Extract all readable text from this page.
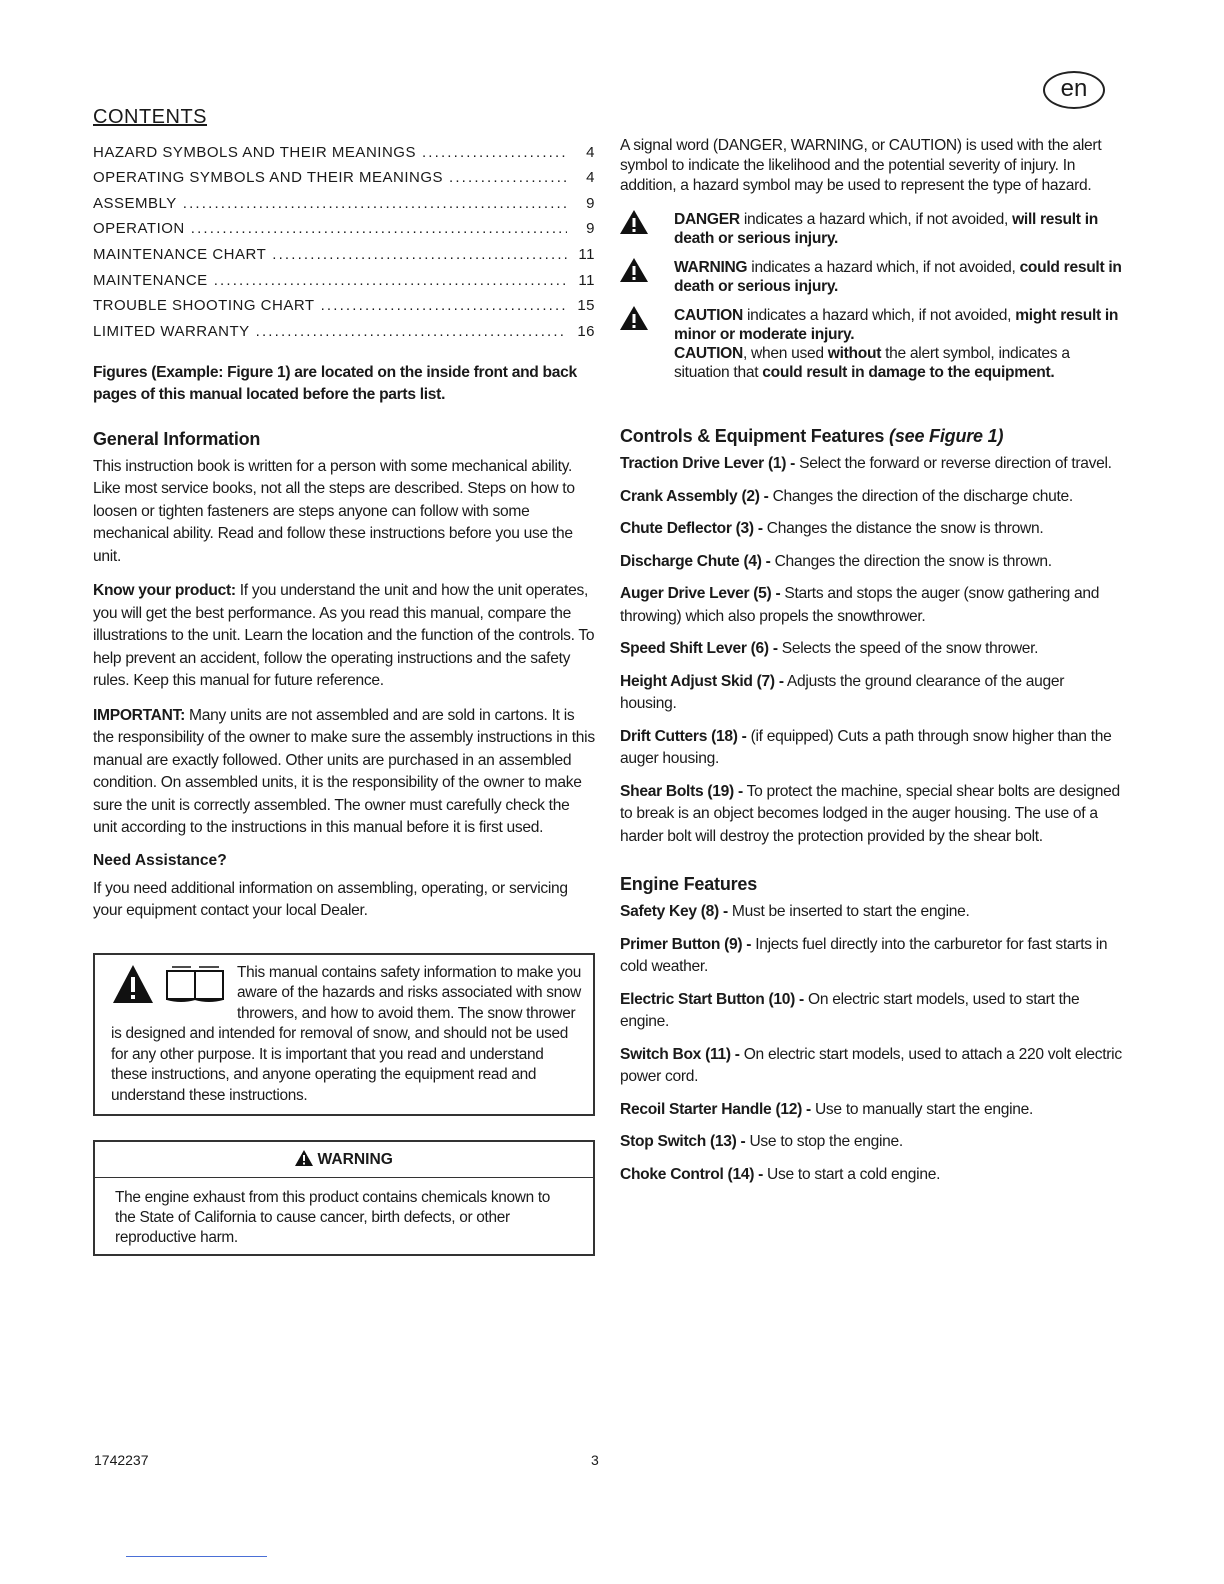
en
CONTENTS
HAZARD SYMBOLS AND THEIR MEANINGS . . .	4
OPERATING SYMBOLS AND THEIR MEANINGS . . .	4
ASSEMBLY . . .	9
OPERATION . . .	9
MAINTENANCE CHART . . .	11
MAINTENANCE . . .	11
TROUBLE SHOOTING CHART . . .	15
LIMITED WARRANTY . . .	16

Figures (Example: Figure 1) are located on the inside front and back pages of this manual located before the parts list.

General Information

This instruction book is written for a person with some mechanical ability. Like most service books, not all the steps are described. Steps on how to loosen or tighten fasteners are steps anyone can follow with some mechanical ability. Read and follow these instructions before you use the unit.

Know your product: If you understand the unit and how the unit operates, you will get the best performance. As you read this manual, compare the illustrations to the unit. Learn the location and the function of the controls. To help prevent an accident, follow the operating instructions and the safety rules. Keep this manual for future reference.

IMPORTANT: Many units are not assembled and are sold in cartons. It is the responsibility of the owner to make sure the assembly instructions in this manual are exactly followed. Other units are purchased in an assembled condition. On assembled units, it is the responsibility of the owner to make sure the unit is correctly assembled. The owner must carefully check the unit according to the instructions in this manual before it is first used.

Need Assistance?

If you need additional information on assembling, operating, or servicing your equipment contact your local Dealer.

This manual contains safety information to make you aware of the hazards and risks associated with snow throwers, and how to avoid them. The snow thrower is designed and intended for removal of snow, and should not be used for any other purpose. It is important that you read and understand these instructions, and anyone operating the equipment read and understand these instructions.

WARNING

The engine exhaust from this product contains chemicals known to the State of California to cause cancer, birth defects, or other reproductive harm.

A signal word (DANGER, WARNING, or CAUTION) is used with the alert symbol to indicate the likelihood and the potential severity of injury. In addition, a hazard symbol may be used to represent the type of hazard.

DANGER indicates a hazard which, if not avoided, will result in death or serious injury.

WARNING indicates a hazard which, if not avoided, could result in death or serious injury.

CAUTION indicates a hazard which, if not avoided, might result in minor or moderate injury.

CAUTION, when used without the alert symbol, indicates a situation that could result in damage to the equipment.

Controls & Equipment Features (see Figure 1)

Traction Drive Lever (1) - Select the forward or reverse direction of travel.

Crank Assembly (2) - Changes the direction of the discharge chute.

Chute Deflector (3) - Changes the distance the snow is thrown.

Discharge Chute (4) - Changes the direction the snow is thrown.

Auger Drive Lever (5) - Starts and stops the auger (snow gathering and throwing) which also propels the snowthrower.

Speed Shift Lever (6) - Selects the speed of the snow thrower.

Height Adjust Skid (7) - Adjusts the ground clearance of the auger housing.

Drift Cutters (18) - (if equipped) Cuts a path through snow higher than the auger housing.

Shear Bolts (19) - To protect the machine, special shear bolts are designed to break is an object becomes lodged in the auger housing. The use of a harder bolt will destroy the protection provided by the shear bolt.

Engine Features

Safety Key (8) - Must be inserted to start the engine.

Primer Button (9) - Injects fuel directly into the carburetor for fast starts in cold weather.

Electric Start Button (10) - On electric start models, used to start the engine.

Switch Box (11) - On electric start models, used to attach a 220 volt electric power cord.

Recoil Starter Handle (12) - Use to manually start the engine.

Stop Switch (13) - Use to stop the engine.

Choke Control (14) - Use to start a cold engine.

1742237	3
